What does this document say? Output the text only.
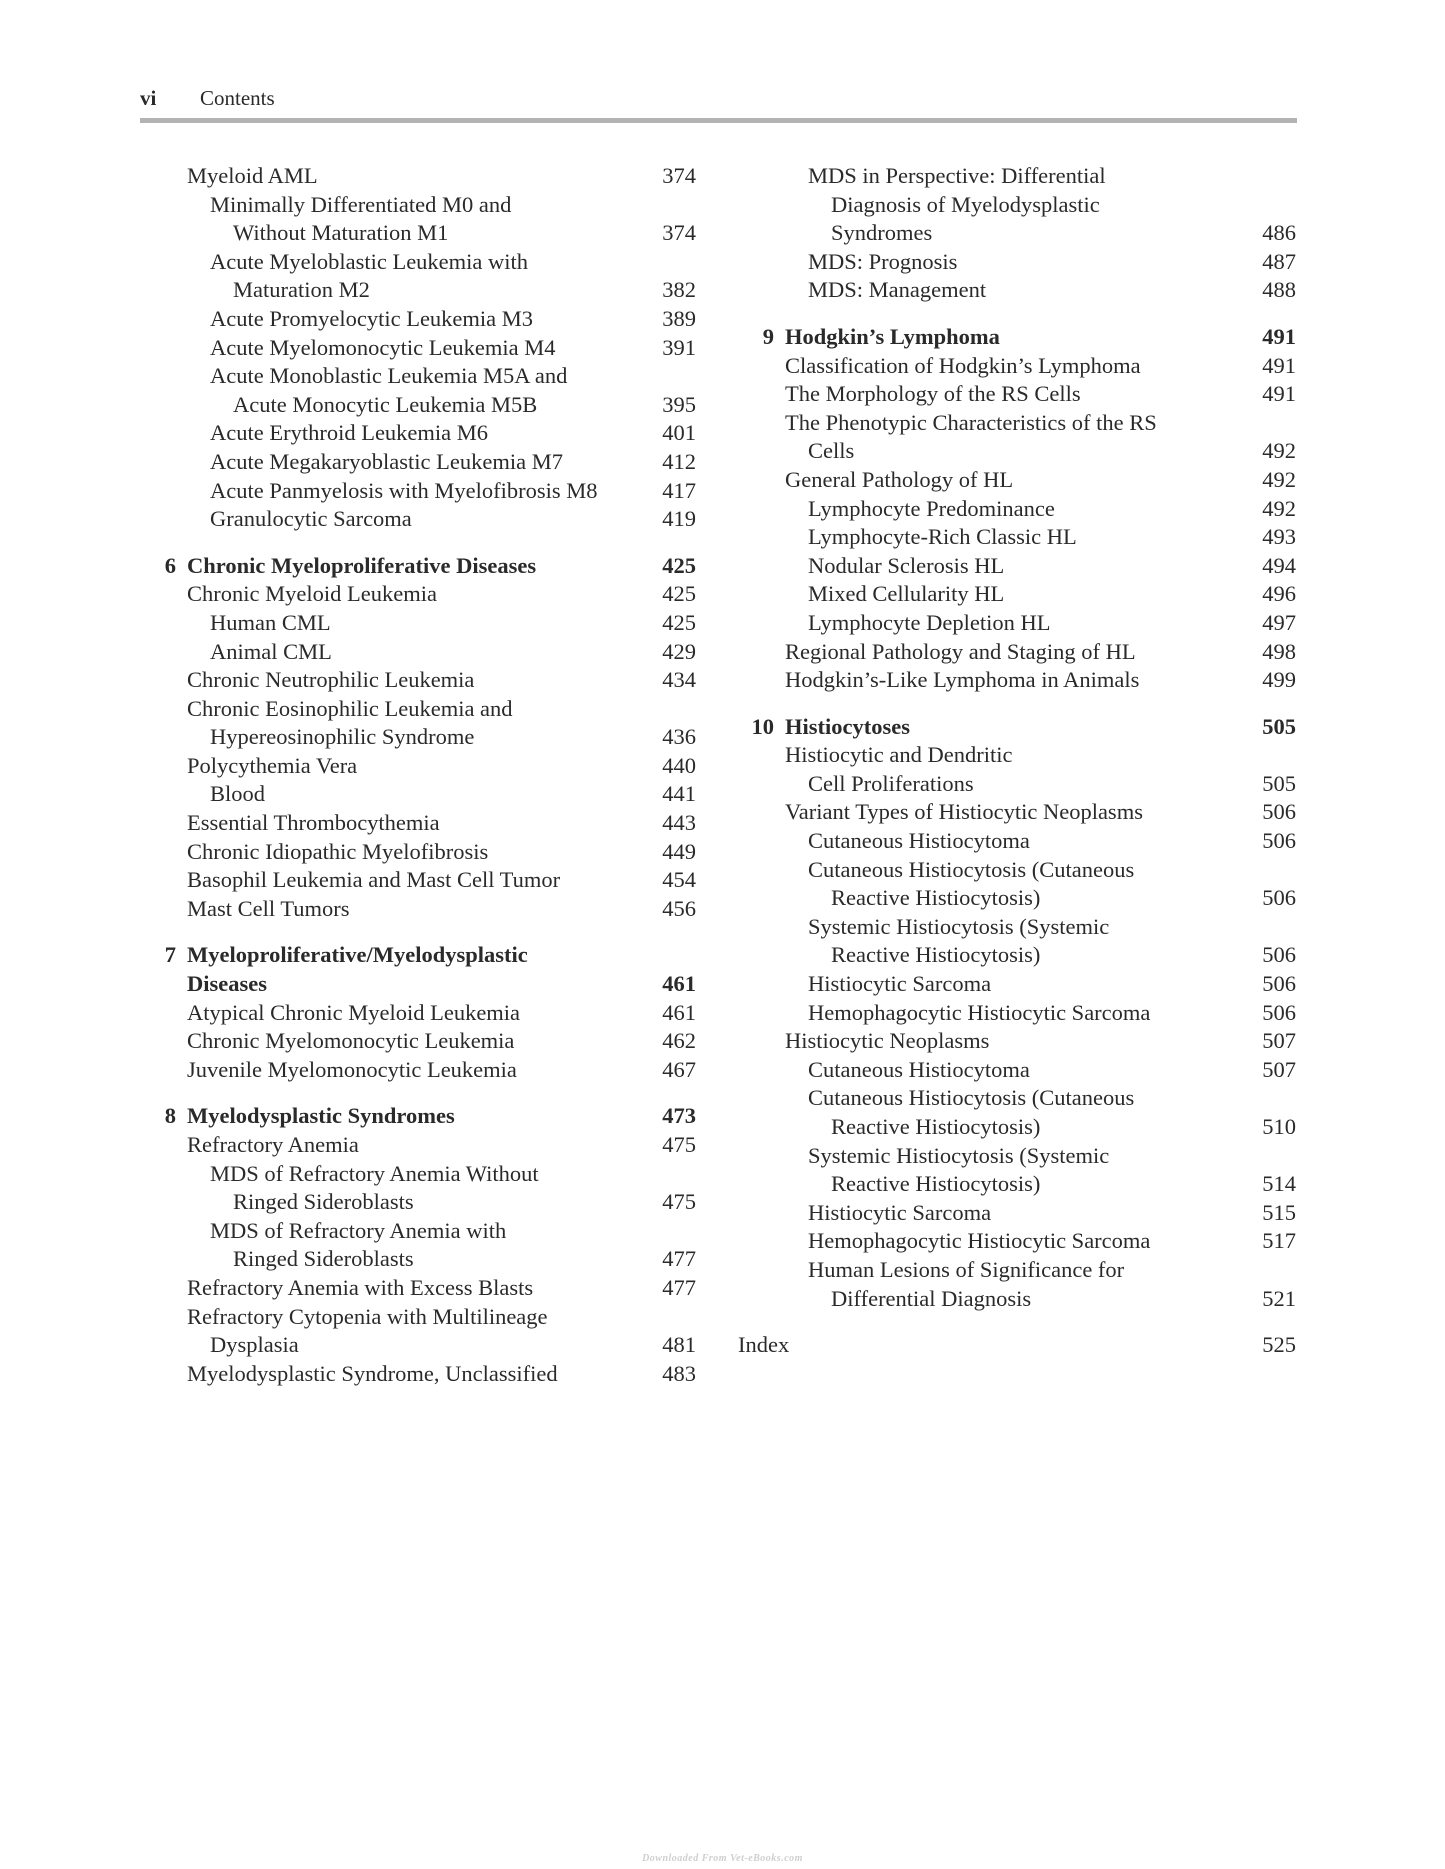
vi Contents
Myeloid AML	374
Minimally Differentiated M0 and
Without Maturation M1	374
Acute Myeloblastic Leukemia with
Maturation M2	382
Acute Promyelocytic Leukemia M3	389
Acute Myelomonocytic Leukemia M4	391
Acute Monoblastic Leukemia M5A and
Acute Monocytic Leukemia M5B	395
Acute Erythroid Leukemia M6	401
Acute Megakaryoblastic Leukemia M7	412
Acute Panmyelosis with Myelofibrosis M8	417
Granulocytic Sarcoma	419
6 Chronic Myeloproliferative Diseases	425
Chronic Myeloid Leukemia	425
Human CML	425
Animal CML	429
Chronic Neutrophilic Leukemia	434
Chronic Eosinophilic Leukemia and
Hypereosinophilic Syndrome	436
Polycythemia Vera	440
Blood	441
Essential Thrombocythemia	443
Chronic Idiopathic Myelofibrosis	449
Basophil Leukemia and Mast Cell Tumor	454
Mast Cell Tumors	456
7 Myeloproliferative/Myelodysplastic
Diseases	461
Atypical Chronic Myeloid Leukemia	461
Chronic Myelomonocytic Leukemia	462
Juvenile Myelomonocytic Leukemia	467
8 Myelodysplastic Syndromes	473
Refractory Anemia	475
MDS of Refractory Anemia Without
Ringed Sideroblasts	475
MDS of Refractory Anemia with
Ringed Sideroblasts	477
Refractory Anemia with Excess Blasts	477
Refractory Cytopenia with Multilineage
Dysplasia	481
Myelodysplastic Syndrome, Unclassified	483
MDS in Perspective: Differential
Diagnosis of Myelodysplastic
Syndromes	486
MDS: Prognosis	487
MDS: Management	488
9 Hodgkin’s Lymphoma	491
Classification of Hodgkin’s Lymphoma	491
The Morphology of the RS Cells	491
The Phenotypic Characteristics of the RS
Cells	492
General Pathology of HL	492
Lymphocyte Predominance	492
Lymphocyte-Rich Classic HL	493
Nodular Sclerosis HL	494
Mixed Cellularity HL	496
Lymphocyte Depletion HL	497
Regional Pathology and Staging of HL	498
Hodgkin’s-Like Lymphoma in Animals	499
10 Histiocytoses	505
Histiocytic and Dendritic
Cell Proliferations	505
Variant Types of Histiocytic Neoplasms	506
Cutaneous Histiocytoma	506
Cutaneous Histiocytosis (Cutaneous
Reactive Histiocytosis)	506
Systemic Histiocytosis (Systemic
Reactive Histiocytosis)	506
Histiocytic Sarcoma	506
Hemophagocytic Histiocytic Sarcoma	506
Histiocytic Neoplasms	507
Cutaneous Histiocytoma	507
Cutaneous Histiocytosis (Cutaneous
Reactive Histiocytosis)	510
Systemic Histiocytosis (Systemic
Reactive Histiocytosis)	514
Histiocytic Sarcoma	515
Hemophagocytic Histiocytic Sarcoma	517
Human Lesions of Significance for
Differential Diagnosis	521
Index	525
Downloaded From Vet-eBooks.com
